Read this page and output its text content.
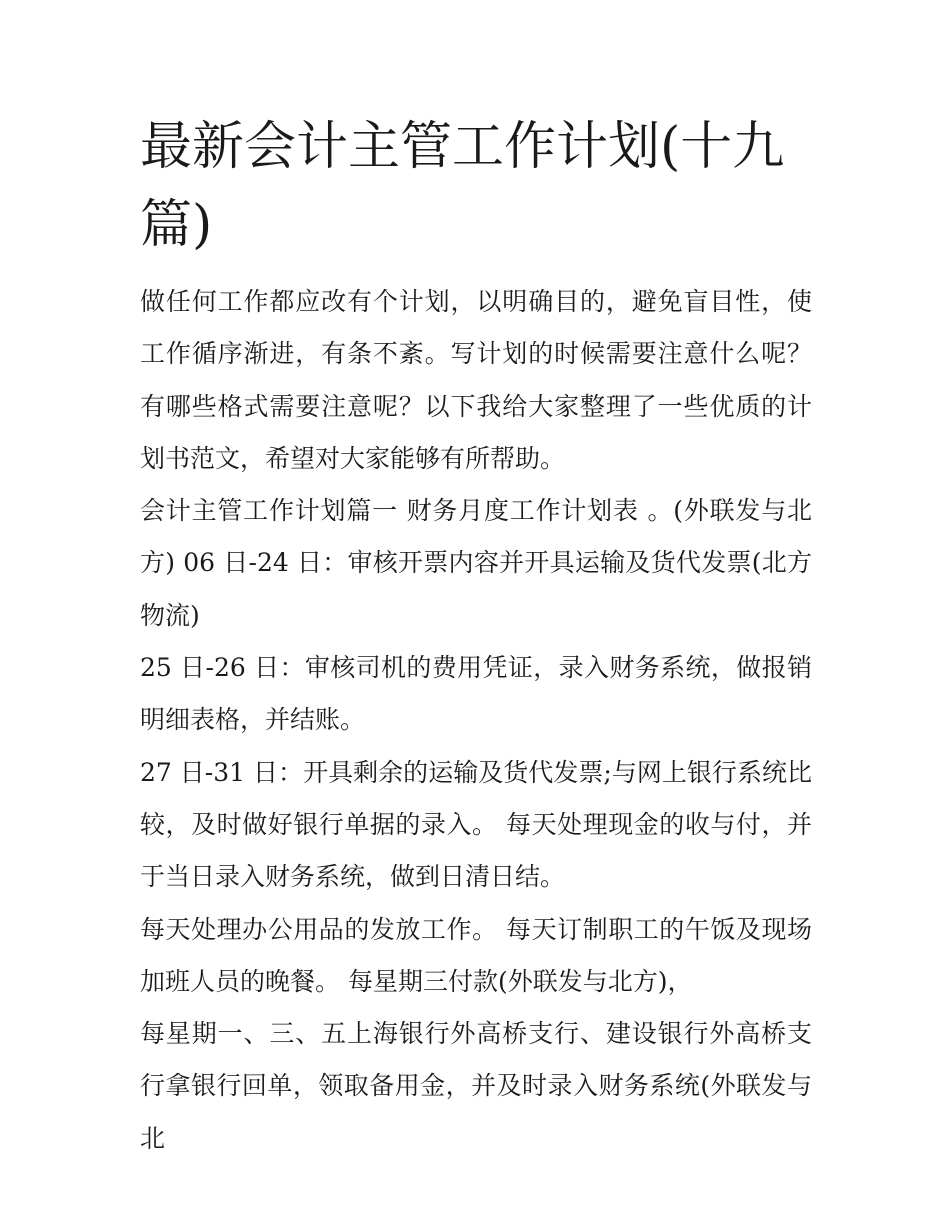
最新会计主管工作计划(十九篇)

做任何工作都应改有个计划，以明确目的，避免盲目性，使工作循序渐进，有条不紊。写计划的时候需要注意什么呢？有哪些格式需要注意呢？以下我给大家整理了一些优质的计划书范文，希望对大家能够有所帮助。

会计主管工作计划篇一 财务月度工作计划表 。(外联发与北方) 06 日-24 日：审核开票内容并开具运输及货代发票(北方物流)

25 日-26 日：审核司机的费用凭证，录入财务系统，做报销明细表格，并结账。

27 日-31 日：开具剩余的运输及货代发票;与网上银行系统比较，及时做好银行单据的录入。 每天处理现金的收与付，并于当日录入财务系统，做到日清日结。

每天处理办公用品的发放工作。 每天订制职工的午饭及现场加班人员的晚餐。 每星期三付款(外联发与北方)，

每星期一、三、五上海银行外高桥支行、建设银行外高桥支行拿银行回单，领取备用金，并及时录入财务系统(外联发与北
